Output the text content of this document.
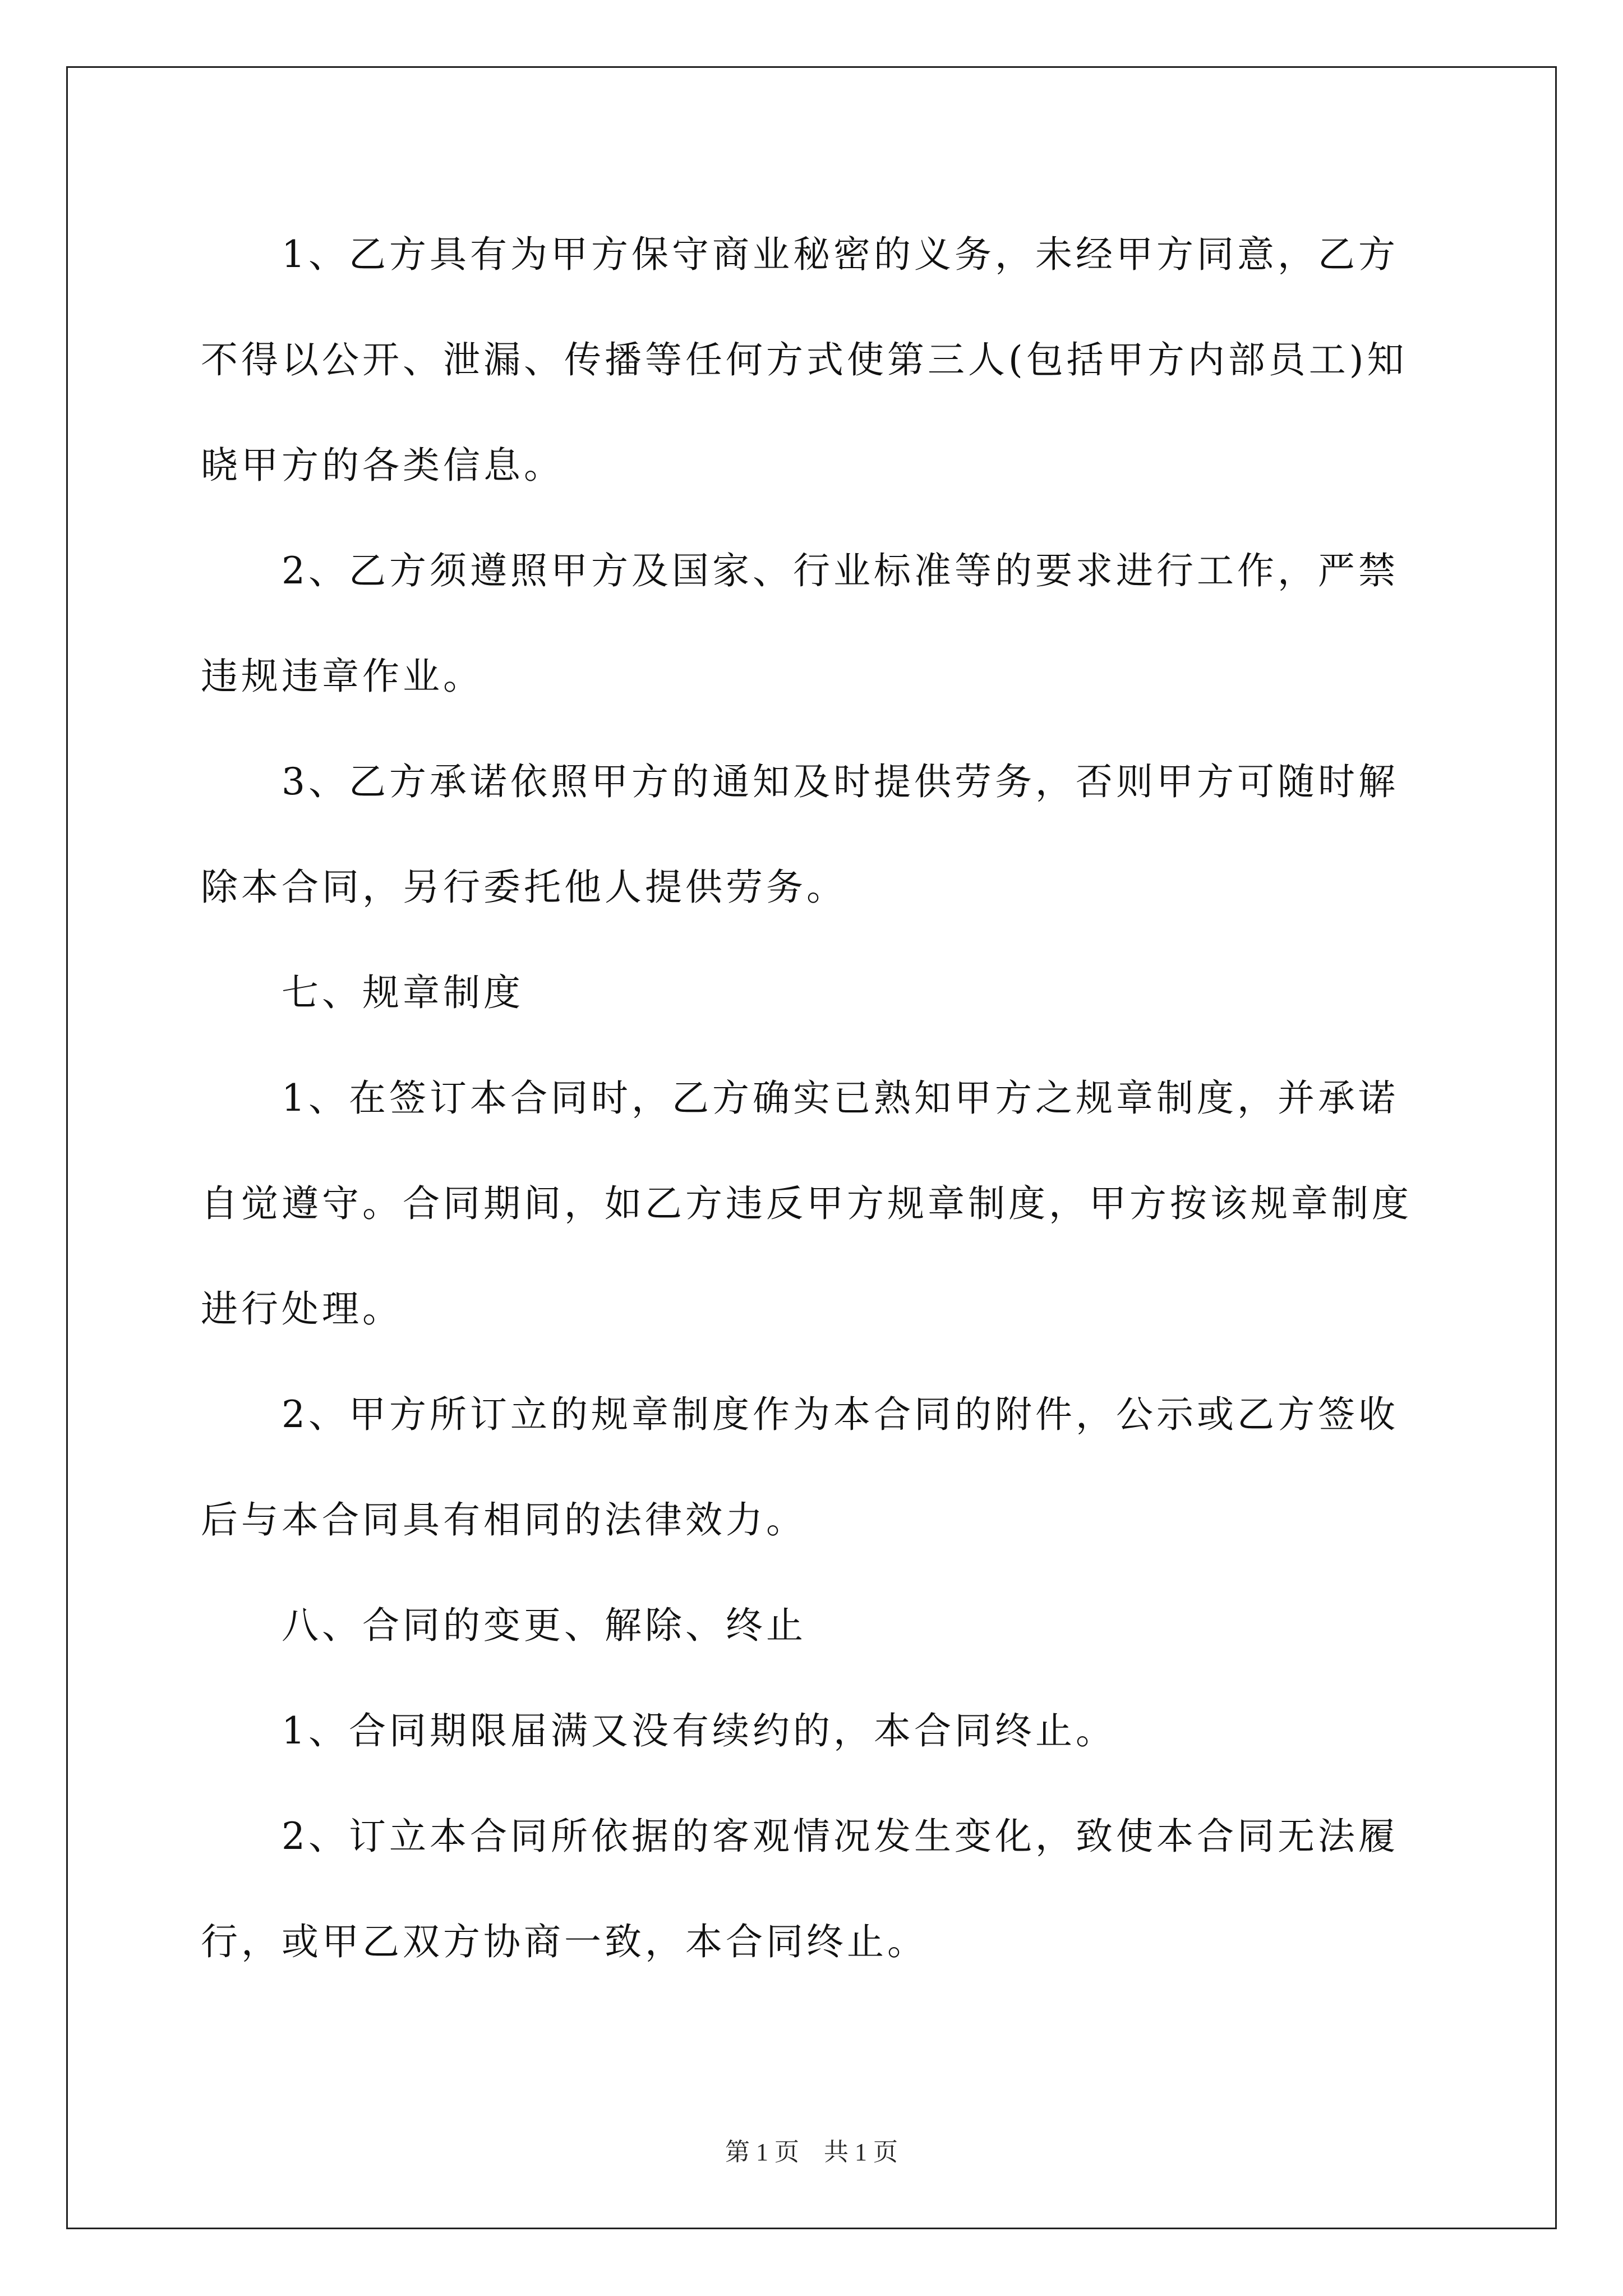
1、乙方具有为甲方保守商业秘密的义务，未经甲方同意，乙方不得以公开、泄漏、传播等任何方式使第三人(包括甲方内部员工)知晓甲方的各类信息。

2、乙方须遵照甲方及国家、行业标准等的要求进行工作，严禁违规违章作业。

3、乙方承诺依照甲方的通知及时提供劳务，否则甲方可随时解除本合同，另行委托他人提供劳务。

七、规章制度

1、在签订本合同时，乙方确实已熟知甲方之规章制度，并承诺自觉遵守。合同期间，如乙方违反甲方规章制度，甲方按该规章制度进行处理。

2、甲方所订立的规章制度作为本合同的附件，公示或乙方签收后与本合同具有相同的法律效力。

八、合同的变更、解除、终止

1、合同期限届满又没有续约的，本合同终止。

2、订立本合同所依据的客观情况发生变化，致使本合同无法履行，或甲乙双方协商一致，本合同终止。

第 1 页　共 1 页
